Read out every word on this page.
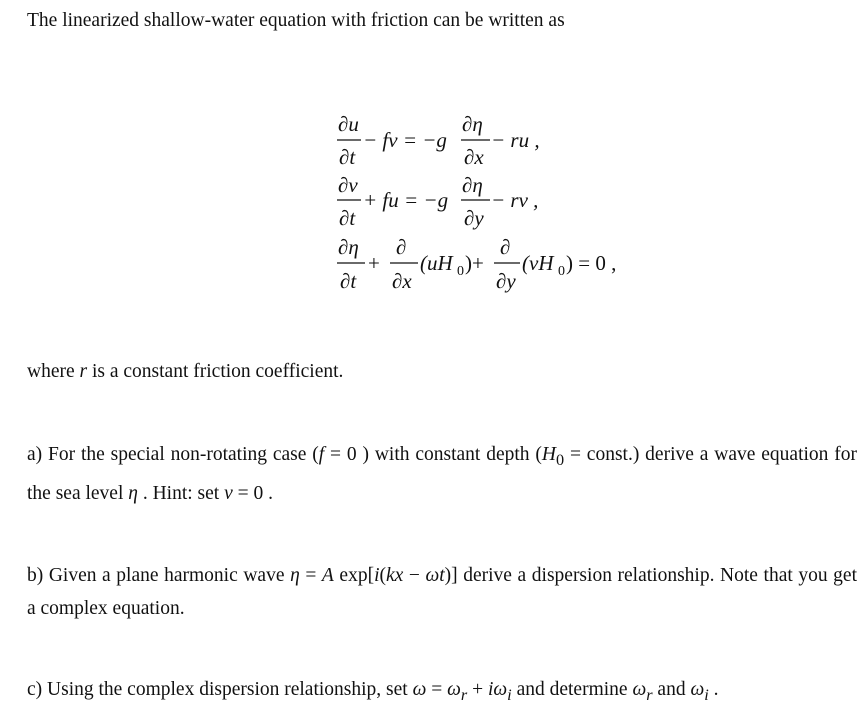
The linearized shallow-water equation with friction can be written as

∂u
∂t
− fv = −g
∂η
∂x
− ru ,
∂v
∂t
+ fu = −g
∂η
∂y
− rv ,
∂η
∂t
+
∂
∂x
(uH 0 )+
∂
∂y
(vH 0 ) = 0 ,

where r is a constant friction coefficient.

a) For the special non-rotating case (f = 0 ) with constant depth ($H_0$ = const.) derive a wave equation for the sea level η . Hint: set v = 0 .

b) Given a plane harmonic wave η = A exp[i(kx − ωt)] derive a dispersion relationship. Note that you get a complex equation.

c) Using the complex dispersion relationship, set $\omega = \omega_r + i\omega_i$ and determine $\omega_r$ and $\omega_i$ .
